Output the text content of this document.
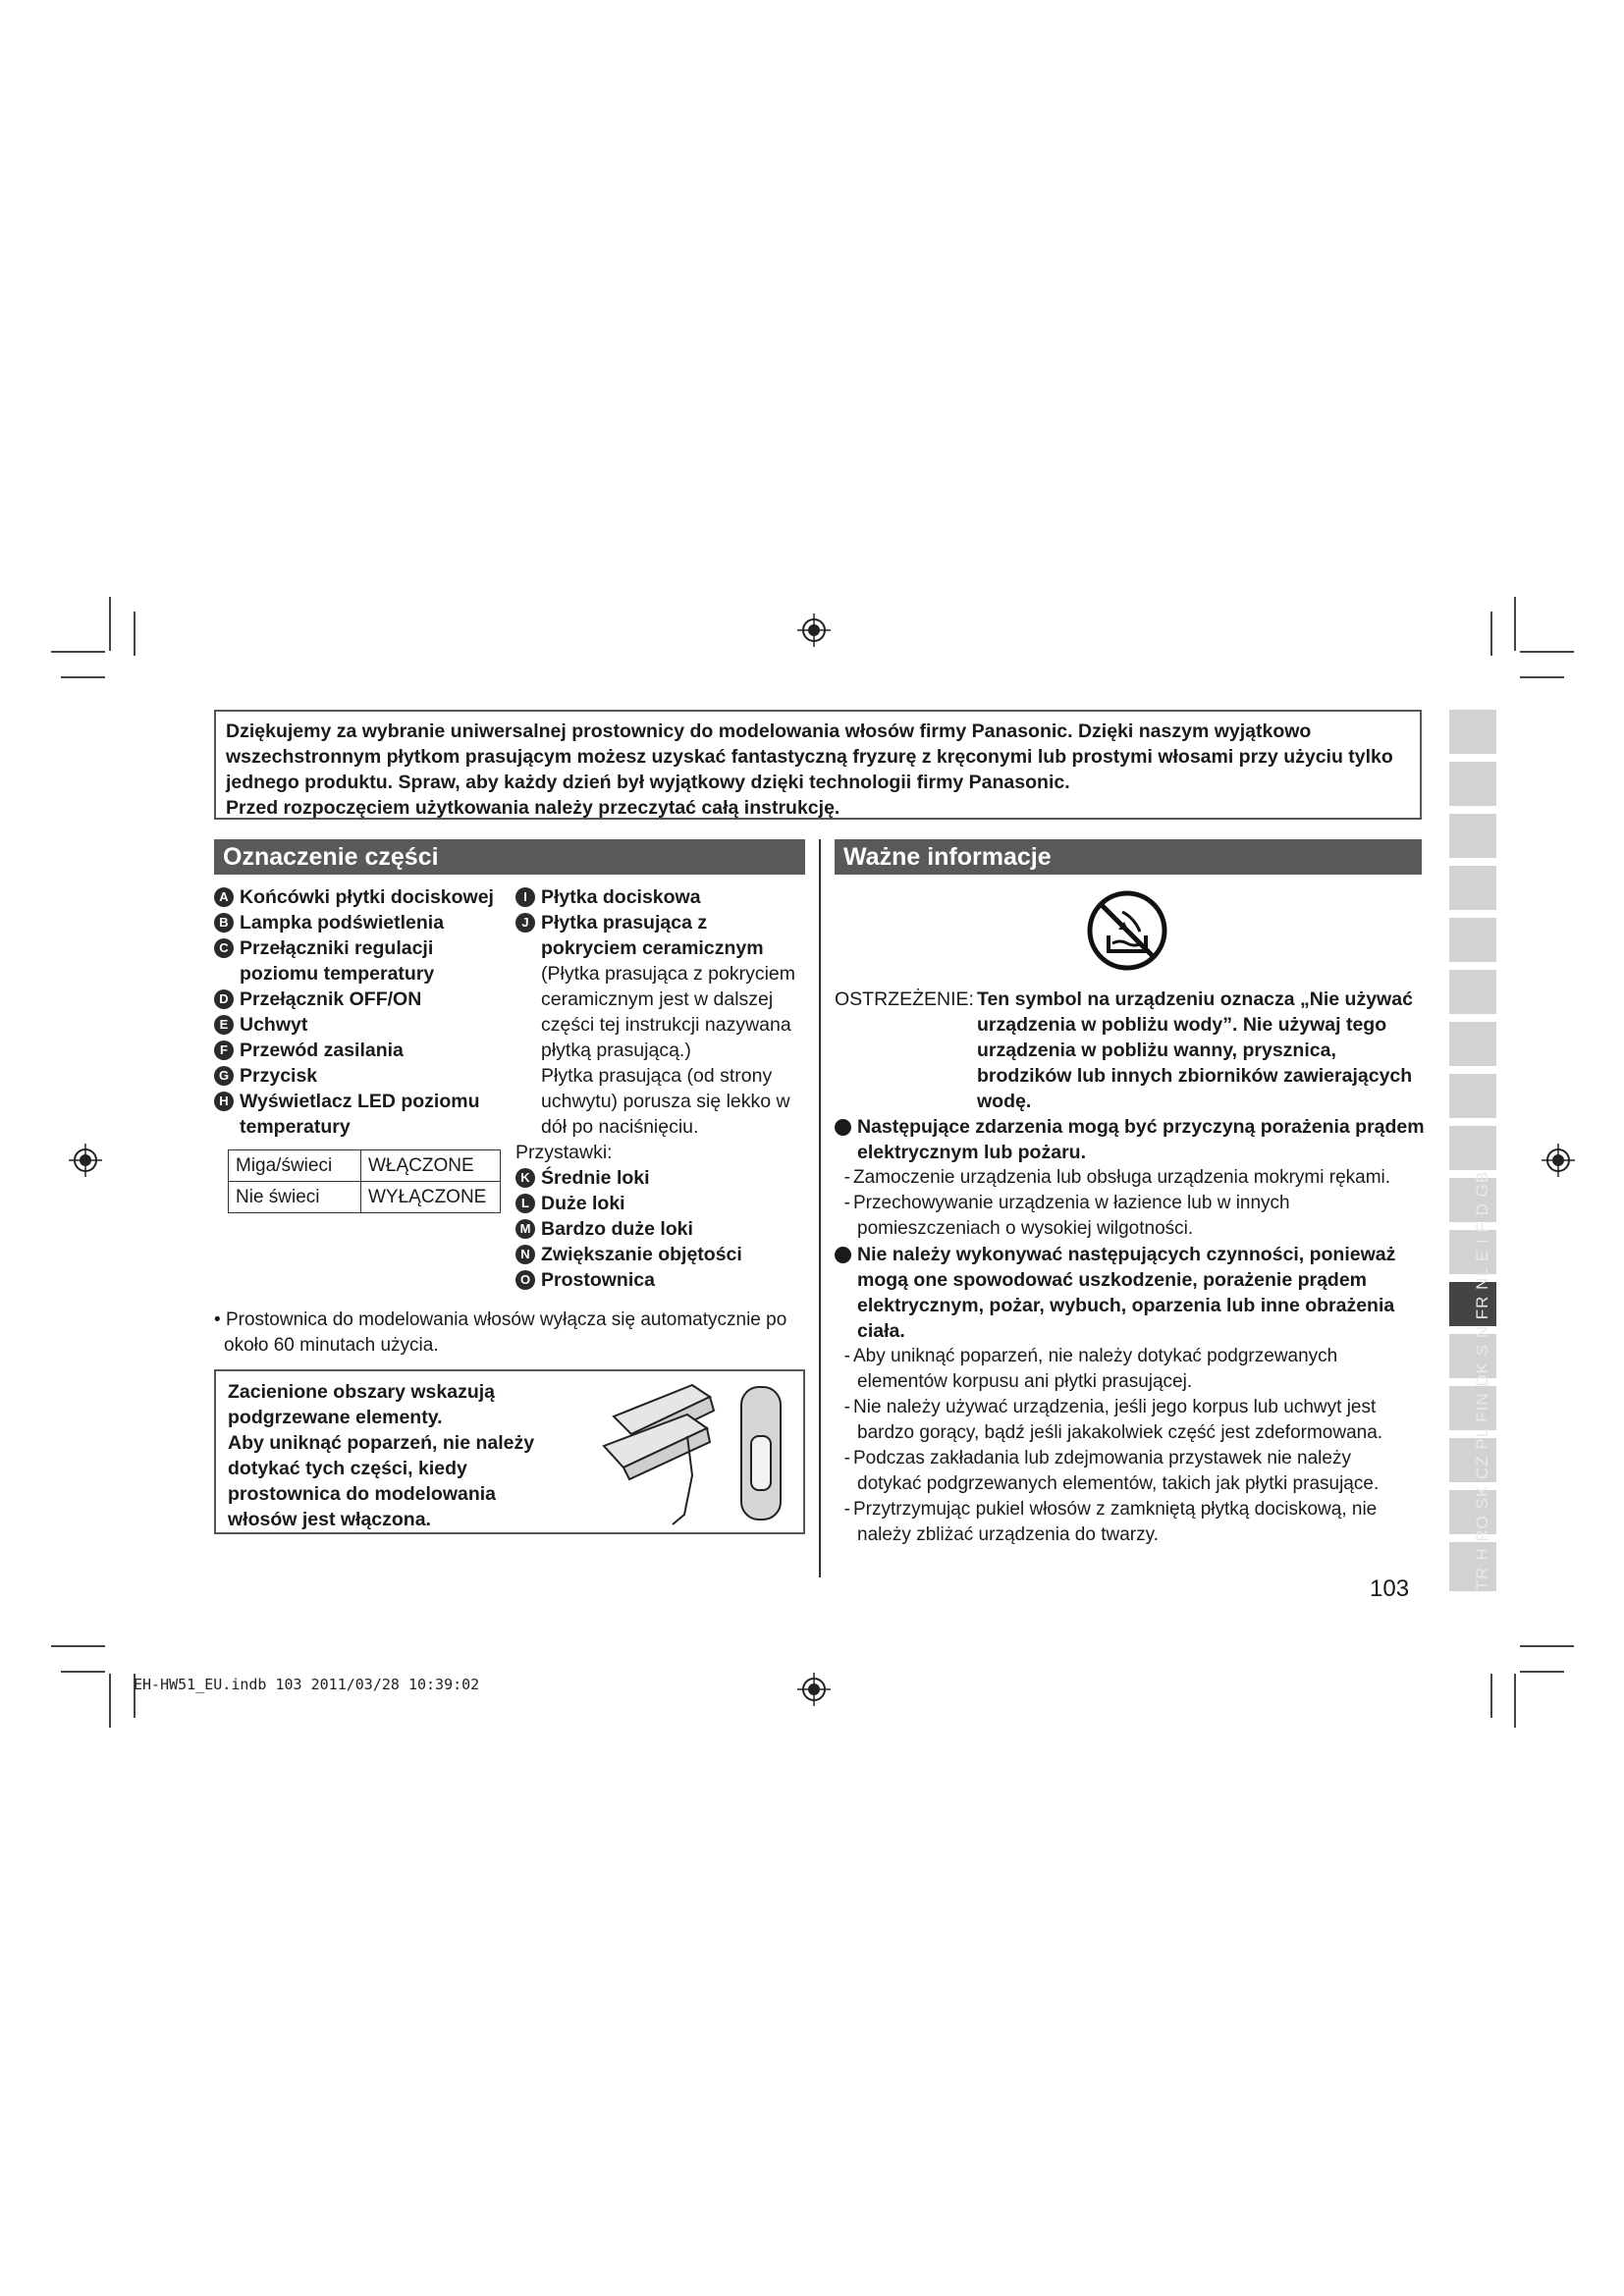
Dziękujemy za wybranie uniwersalnej prostownicy do modelowania włosów firmy Panasonic. Dzięki naszym wyjątkowo
wszechstronnym płytkom prasującym możesz uzyskać fantastyczną fryzurę z kręconymi lub prostymi włosami przy użyciu tylko
jednego produktu. Spraw, aby każdy dzień był wyjątkowy dzięki technologii firmy Panasonic.
Przed rozpoczęciem użytkowania należy przeczytać całą instrukcję.
Oznaczenie części	Ważne informacje
A Końcówki płytki dociskowej
B Lampka podświetlenia
C Przełączniki regulacji
poziomu temperatury
D Przełącznik OFF/ON
E Uchwyt
F Przewód zasilania
G Przycisk
H Wyświetlacz LED poziomu
temperatury
Miga/świeci	WŁĄCZONE
Nie świeci	WYŁĄCZONE
I Płytka dociskowa
J Płytka prasująca z
pokryciem ceramicznym
(Płytka prasująca z pokryciem
ceramicznym jest w dalszej
części tej instrukcji nazywana
płytką prasującą.)
Płytka prasująca (od strony
uchwytu) porusza się lekko w
dół po naciśnięciu.
Przystawki:
K Średnie loki
L Duże loki
M Bardzo duże loki
N Zwiększanie objętości
O Prostownica
• Prostownica do modelowania włosów wyłącza się automatycznie po
około 60 minutach użycia.
Zacienione obszary wskazują
podgrzewane elementy.
Aby uniknąć poparzeń, nie należy
dotykać tych części, kiedy
prostownica do modelowania
włosów jest włączona.
OSTRZEŻENIE: Ten symbol na urządzeniu oznacza „Nie używać
urządzenia w pobliżu wody”. Nie używaj tego
urządzenia w pobliżu wanny, prysznica,
brodzików lub innych zbiorników zawierających
wodę.
Następujące zdarzenia mogą być przyczyną porażenia prądem
elektrycznym lub pożaru.
- Zamoczenie urządzenia lub obsługa urządzenia mokrymi rękami.
- Przechowywanie urządzenia w łazience lub w innych
pomieszczeniach o wysokiej wilgotności.
Nie należy wykonywać następujących czynności, ponieważ
mogą one spowodować uszkodzenie, porażenie prądem
elektrycznym, pożar, wybuch, oparzenia lub inne obrażenia
ciała.
- Aby uniknąć poparzeń, nie należy dotykać podgrzewanych
elementów korpusu ani płytki prasującej.
- Nie należy używać urządzenia, jeśli jego korpus lub uchwyt jest
bardzo gorący, bądź jeśli jakakolwiek część jest zdeformowana.
- Podczas zakładania lub zdejmowania przystawek nie należy
dotykać podgrzewanych elementów, takich jak płytki prasujące.
- Przytrzymując pukiel włosów z zamkniętą płytką dociskową, nie
należy zbliżać urządzenia do twarzy.
103	TR H RO SK CZ PL FIN DK S N FR NL E I F D GB
EH-HW51_EU.indb 103 2011/03/28 10:39:02
